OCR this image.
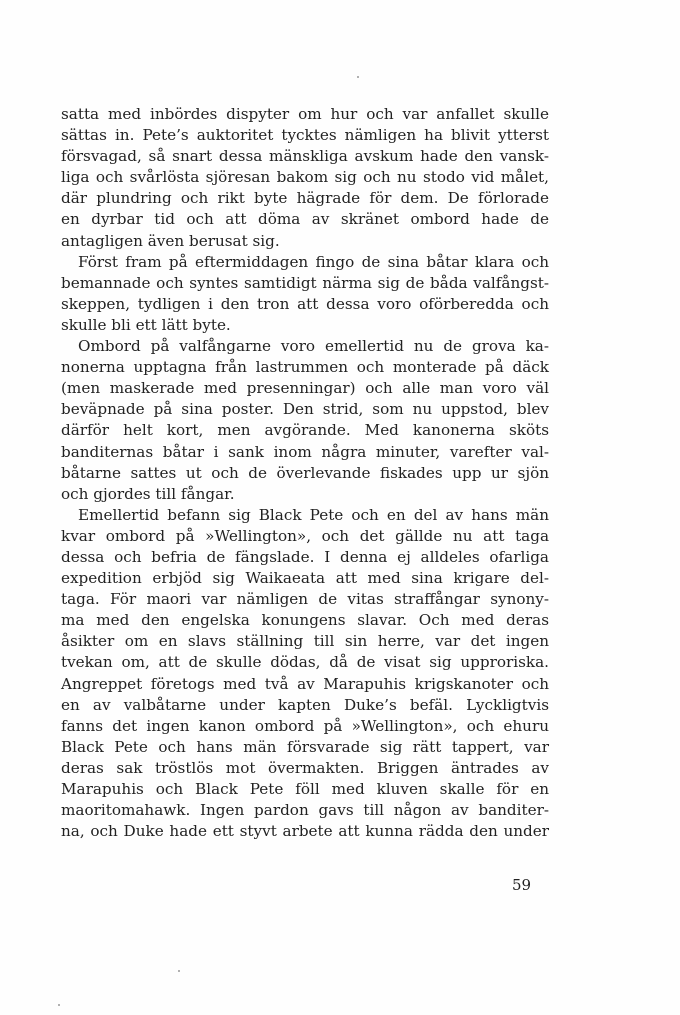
satta med inbördes dispyter om hur och var anfallet skulle
sättas in. Pete’s auktoritet tycktes nämligen ha blivit ytterst
försvagad, så snart dessa mänskliga avskum hade den vansk-
liga och svårlösta sjöresan bakom sig och nu stodo vid målet,
där plundring och rikt byte hägrade för dem. De förlorade
en dyrbar tid och att döma av skränet ombord hade de
antagligen även berusat sig.
Först fram på eftermiddagen fingo de sina båtar klara och
bemannade och syntes samtidigt närma sig de båda valfångst-
skeppen, tydligen i den tron att dessa voro oförberedda och
skulle bli ett lätt byte.
Ombord på valfångarne voro emellertid nu de grova ka-
nonerna upptagna från lastrummen och monterade på däck
(men maskerade med presenningar) och alle man voro väl
beväpnade på sina poster. Den strid, som nu uppstod, blev
därför helt kort, men avgörande. Med kanonerna sköts
banditernas båtar i sank inom några minuter, varefter val-
båtarne sattes ut och de överlevande fiskades upp ur sjön
och gjordes till fångar.
Emellertid befann sig Black Pete och en del av hans män
kvar ombord på »Wellington», och det gällde nu att taga
dessa och befria de fängslade. I denna ej alldeles ofarliga
expedition erbjöd sig Waikaeata att med sina krigare del-
taga. För maori var nämligen de vitas straffångar synony-
ma med den engelska konungens slavar. Och med deras
åsikter om en slavs ställning till sin herre, var det ingen
tvekan om, att de skulle dödas, då de visat sig upproriska.
Angreppet företogs med två av Marapuhis krigskanoter och
en av valbåtarne under kapten Duke’s befäl. Lyckligtvis
fanns det ingen kanon ombord på »Wellington», och ehuru
Black Pete och hans män försvarade sig rätt tappert, var
deras sak tröstlös mot övermakten. Briggen äntrades av
Marapuhis och Black Pete föll med kluven skalle för en
maoritomahawk. Ingen pardon gavs till någon av banditer-
na, och Duke hade ett styvt arbete att kunna rädda den under
59
